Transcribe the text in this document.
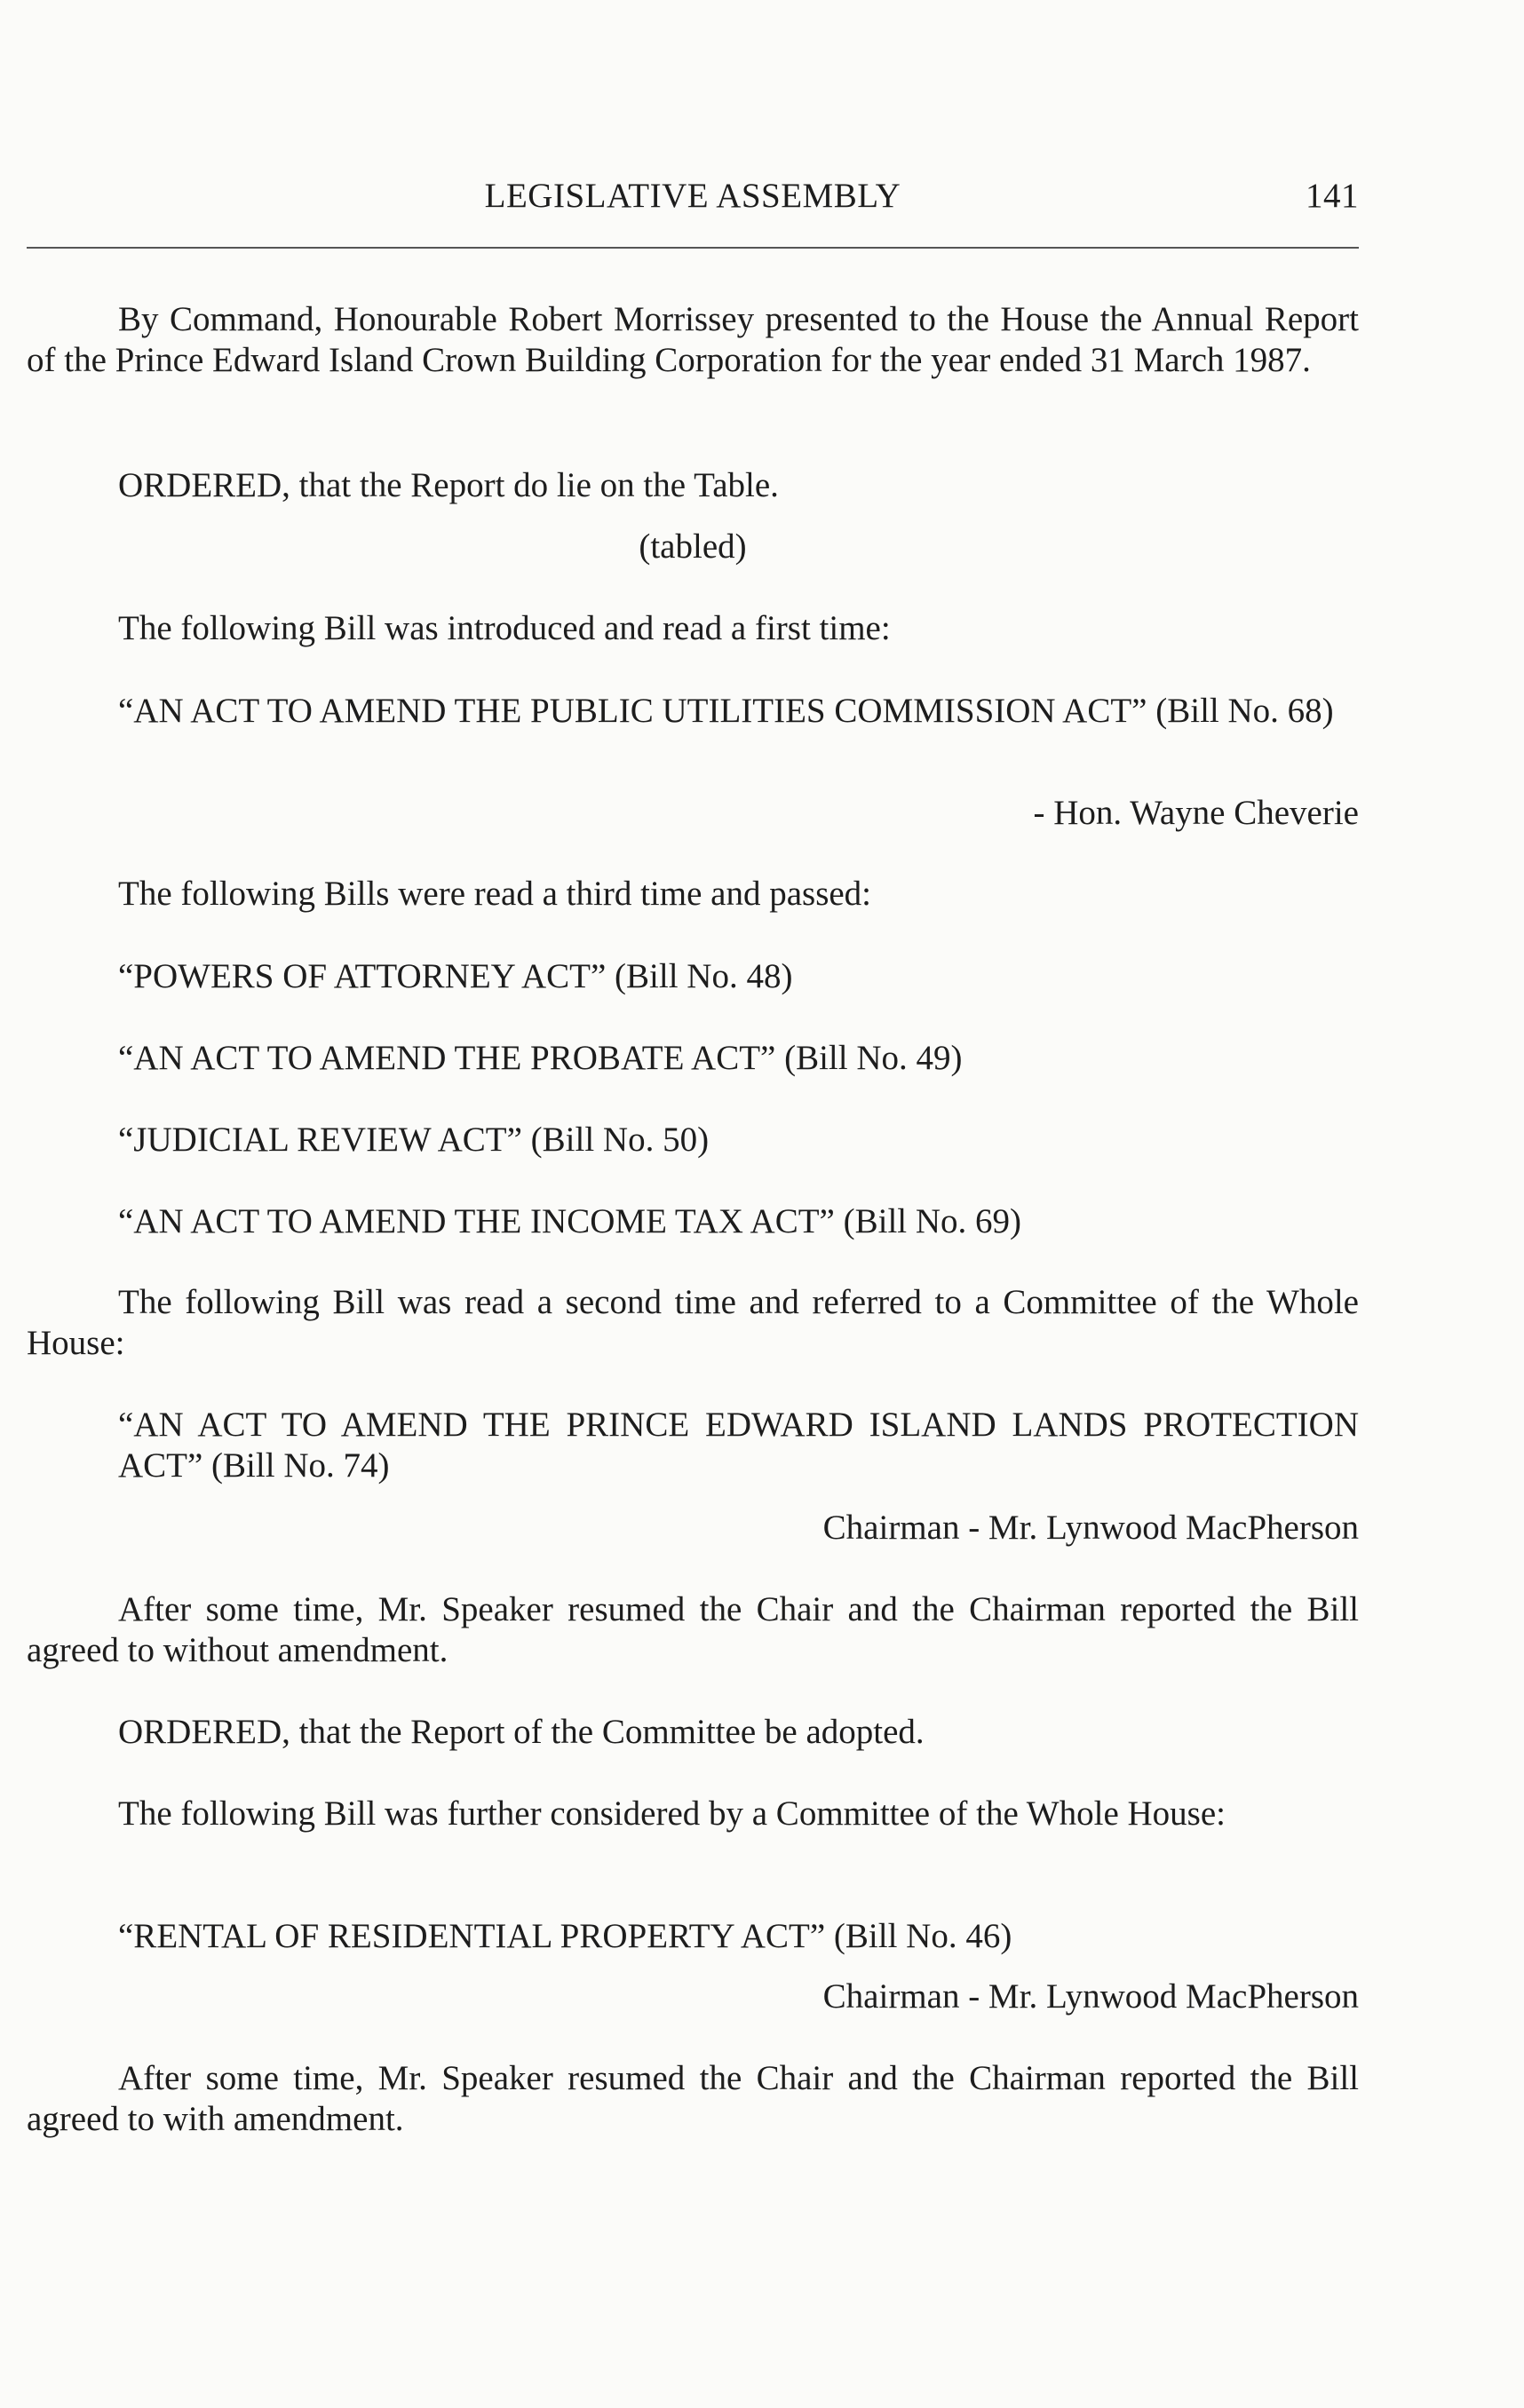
LEGISLATIVE ASSEMBLY	141

By Command, Honourable Robert Morrissey presented to the House the Annual Report of the Prince Edward Island Crown Building Corporation for the year ended 31 March 1987.

ORDERED, that the Report do lie on the Table.

(tabled)

The following Bill was introduced and read a first time:

“AN ACT TO AMEND THE PUBLIC UTILITIES COMMISSION ACT” (Bill No. 68)

- Hon. Wayne Cheverie

The following Bills were read a third time and passed:

“POWERS OF ATTORNEY ACT” (Bill No. 48)

“AN ACT TO AMEND THE PROBATE ACT” (Bill No. 49)

“JUDICIAL REVIEW ACT” (Bill No. 50)

“AN ACT TO AMEND THE INCOME TAX ACT” (Bill No. 69)

The following Bill was read a second time and referred to a Committee of the Whole House:

“AN ACT TO AMEND THE PRINCE EDWARD ISLAND LANDS PROTECTION ACT” (Bill No. 74)

Chairman - Mr. Lynwood MacPherson

After some time, Mr. Speaker resumed the Chair and the Chairman reported the Bill agreed to without amendment.

ORDERED, that the Report of the Committee be adopted.

The following Bill was further considered by a Committee of the Whole House:

“RENTAL OF RESIDENTIAL PROPERTY ACT” (Bill No. 46)

Chairman - Mr. Lynwood MacPherson

After some time, Mr. Speaker resumed the Chair and the Chairman reported the Bill agreed to with amendment.
